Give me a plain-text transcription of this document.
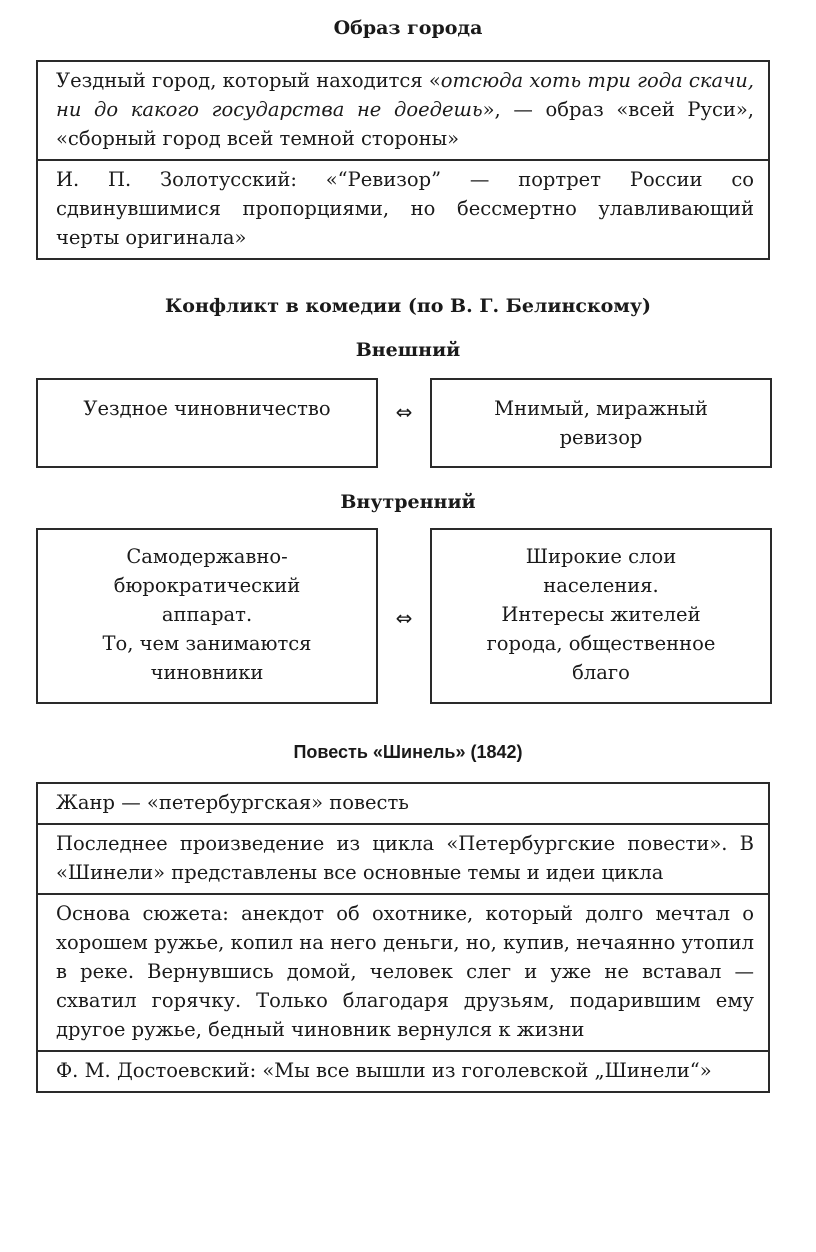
Образ города
Уездный город, который находится «отсюда хоть три года скачи, ни до какого государства не доедешь», — образ «всей Руси», «сборный город всей темной стороны»
И. П. Золотусский: «“Ревизор” — портрет России со сдвинувшимися пропорциями, но бессмертно улавливающий черты оригинала»
Конфликт в комедии (по В. Г. Белинскому)
Внешний
Уездное чиновничество	⇔	Мнимый, миражный
ревизор
Внутренний
Самодержавно-
бюрократический
аппарат.
То, чем занимаются
чиновники
⇔
Широкие слои
населения.
Интересы жителей
города, общественное
благо
Повесть «Шинель» (1842)
Жанр — «петербургская» повесть
Последнее произведение из цикла «Петербургские повести». В «Шинели» представлены все основные темы и идеи цикла
Основа сюжета: анекдот об охотнике, который долго мечтал о хорошем ружье, копил на него деньги, но, купив, нечаянно утопил в реке. Вернувшись домой, человек слег и уже не вставал — схватил горячку. Только благодаря друзьям, подарившим ему другое ружье, бедный чиновник вернулся к жизни
Ф. М. Достоевский: «Мы все вышли из гоголевской „Шинели“»
